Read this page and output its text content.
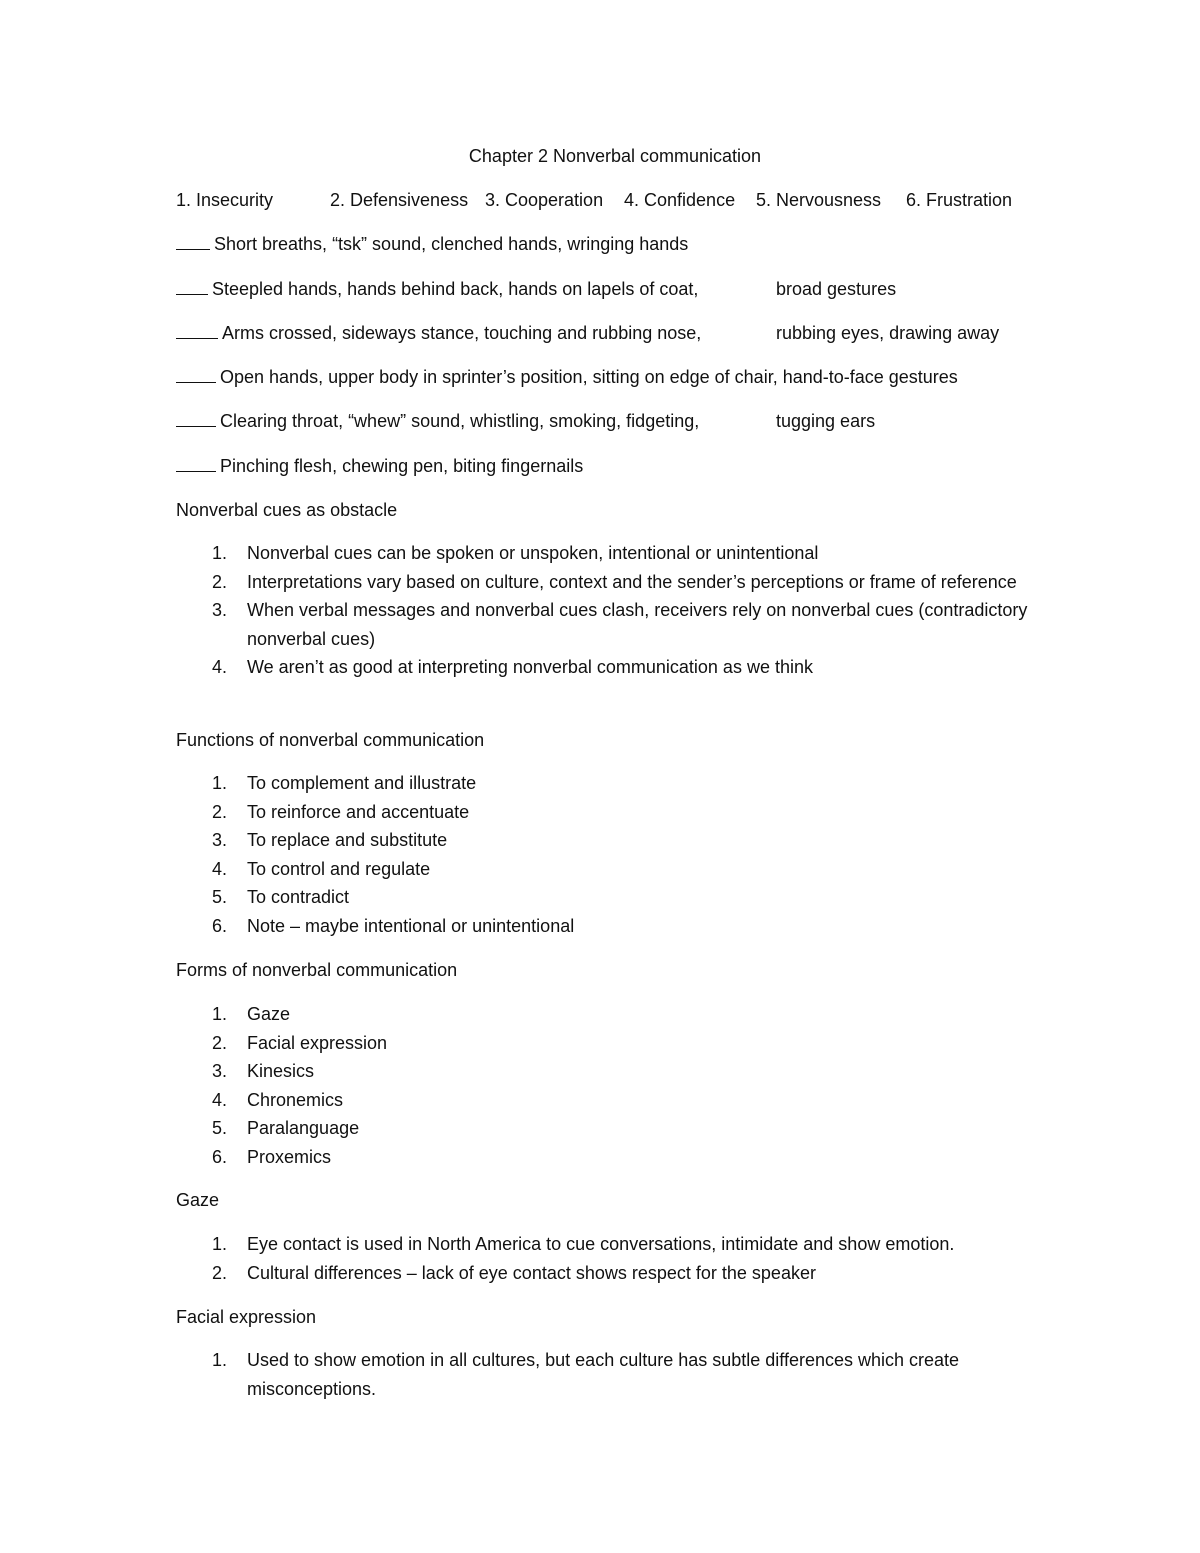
Chapter 2 Nonverbal communication
1. Insecurity	2. Defensiveness 3. Cooperation 4. Confidence 5. Nervousness 6. Frustration
Short breaths, “tsk” sound, clenched hands, wringing hands
Steepled hands, hands behind back, hands on lapels of coat,	broad gestures
Arms crossed, sideways stance, touching and rubbing nose,	rubbing eyes, drawing away
Open hands, upper body in sprinter’s position, sitting on edge of chair, hand-to-face gestures
Clearing throat, “whew” sound, whistling, smoking, fidgeting,	tugging ears
Pinching flesh, chewing pen, biting fingernails
Nonverbal cues as obstacle
1. Nonverbal cues can be spoken or unspoken, intentional or unintentional
2. Interpretations vary based on culture, context and the sender’s perceptions or frame of reference
3. When verbal messages and nonverbal cues clash, receivers rely on nonverbal cues (contradictory nonverbal cues)
4. We aren’t as good at interpreting nonverbal communication as we think
Functions of nonverbal communication
1. To complement and illustrate
2. To reinforce and accentuate
3. To replace and substitute
4. To control and regulate
5. To contradict
6. Note – maybe intentional or unintentional
Forms of nonverbal communication
1. Gaze
2. Facial expression
3. Kinesics
4. Chronemics
5. Paralanguage
6. Proxemics
Gaze
1. Eye contact is used in North America to cue conversations, intimidate and show emotion.
2. Cultural differences – lack of eye contact shows respect for the speaker
Facial expression
1. Used to show emotion in all cultures, but each culture has subtle differences which create misconceptions.
